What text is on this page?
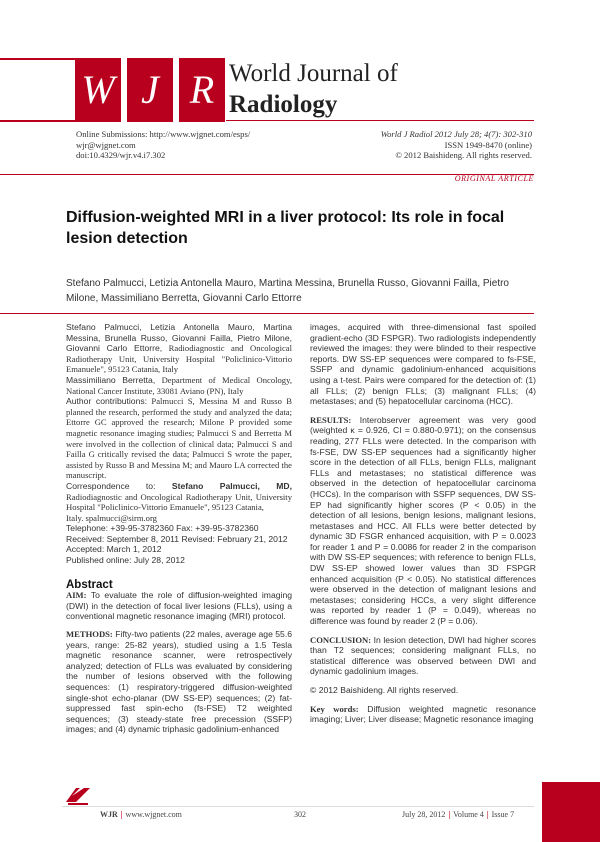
W J R World Journal of
Radiology
Online Submissions: http://www.wjgnet.com/esps/
wjr@wjgnet.com
doi:10.4329/wjr.v4.i7.302
World J Radiol 2012 July 28; 4(7): 302-310
ISSN 1949-8470 (online)
© 2012 Baishideng. All rights reserved.
ORIGINAL ARTICLE
Diffusion-weighted MRI in a liver protocol: Its role in focal lesion detection
Stefano Palmucci, Letizia Antonella Mauro, Martina Messina, Brunella Russo, Giovanni Failla, Pietro Milone, Massimiliano Berretta, Giovanni Carlo Ettorre

Stefano Palmucci, Letizia Antonella Mauro, Martina Messina, Brunella Russo, Giovanni Failla, Pietro Milone, Giovanni Carlo Ettorre, Radiodiagnostic and Oncological Radiotherapy Unit, University Hospital "Policlinico-Vittorio Emanuele", 95123 Catania, Italy

Massimiliano Berretta, Department of Medical Oncology, National Cancer Institute, 33081 Aviano (PN), Italy

Author contributions: Palmucci S, Messina M and Russo B planned the research, performed the study and analyzed the data; Ettorre GC approved the research; Milone P provided some magnetic resonance imaging studies; Palmucci S and Berretta M were involved in the collection of clinical data; Palmucci S and Failla G critically revised the data; Palmucci S wrote the paper, assisted by Russo B and Messina M; and Mauro LA corrected the manuscript.

Correspondence to: Stefano Palmucci, MD, Radiodiagnostic and Oncological Radiotherapy Unit, University Hospital "Policlinico-Vittorio Emanuele", 95123 Catania,

Italy. spalmucci@sirm.org

Telephone: +39-95-3782360 Fax: +39-95-3782360

Received: September 8, 2011 Revised: February 21, 2012

Accepted: March 1, 2012

Published online: July 28, 2012

Abstract

AIM: To evaluate the role of diffusion-weighted imaging (DWI) in the detection of focal liver lesions (FLLs), using a conventional magnetic resonance imaging (MRI) protocol.

METHODS: Fifty-two patients (22 males, average age 55.6 years, range: 25-82 years), studied using a 1.5 Tesla magnetic resonance scanner, were retrospectively analyzed; detection of FLLs was evaluated by considering the number of lesions observed with the following sequences: (1) respiratory-triggered diffusion-weighted single-shot echo-planar (DW SS-EP) sequences; (2) fat-suppressed fast spin-echo (fs-FSE) T2 weighted sequences; (3) steady-state free precession (SSFP) images; and (4) dynamic triphasic gadolinium-enhanced

images, acquired with three-dimensional fast spoiled gradient-echo (3D FSPGR). Two radiologists independently reviewed the images: they were blinded to their respective reports. DW SS-EP sequences were compared to fs-FSE, SSFP and dynamic gadolinium-enhanced acquisitions using a t-test. Pairs were compared for the detection of: (1) all FLLs; (2) benign FLLs; (3) malignant FLLs; (4) metastases; and (5) hepatocellular carcinoma (HCC).

RESULTS: Interobserver agreement was very good (weighted κ = 0.926, CI = 0.880-0.971); on the consensus reading, 277 FLLs were detected. In the comparison with fs-FSE, DW SS-EP sequences had a significantly higher score in the detection of all FLLs, benign FLLs, malignant FLLs and metastases; no statistical difference was observed in the detection of hepatocellular carcinoma (HCCs). In the comparison with SSFP sequences, DW SS-EP had significantly higher scores (P < 0.05) in the detection of all lesions, benign lesions, malignant lesions, metastases and HCC. All FLLs were better detected by dynamic 3D FSGR enhanced acquisition, with P = 0.0023 for reader 1 and P = 0.0086 for reader 2 in the comparison with DW SS-EP sequences; with reference to benign FLLs, DW SS-EP showed lower values than 3D FSPGR enhanced acquisition (P < 0.05). No statistical differences were observed in the detection of malignant lesions and metastases; considering HCCs, a very slight difference was reported by reader 1 (P = 0.049), whereas no difference was found by reader 2 (P = 0.06).

CONCLUSION: In lesion detection, DWI had higher scores than T2 sequences; considering malignant FLLs, no statistical difference was observed between DWI and dynamic gadolinium images.

© 2012 Baishideng. All rights reserved.

Key words: Diffusion weighted magnetic resonance imaging; Liver; Liver disease; Magnetic resonance imaging

WJR | www.wjgnet.com	302	July 28, 2012 | Volume 4 | Issue 7
